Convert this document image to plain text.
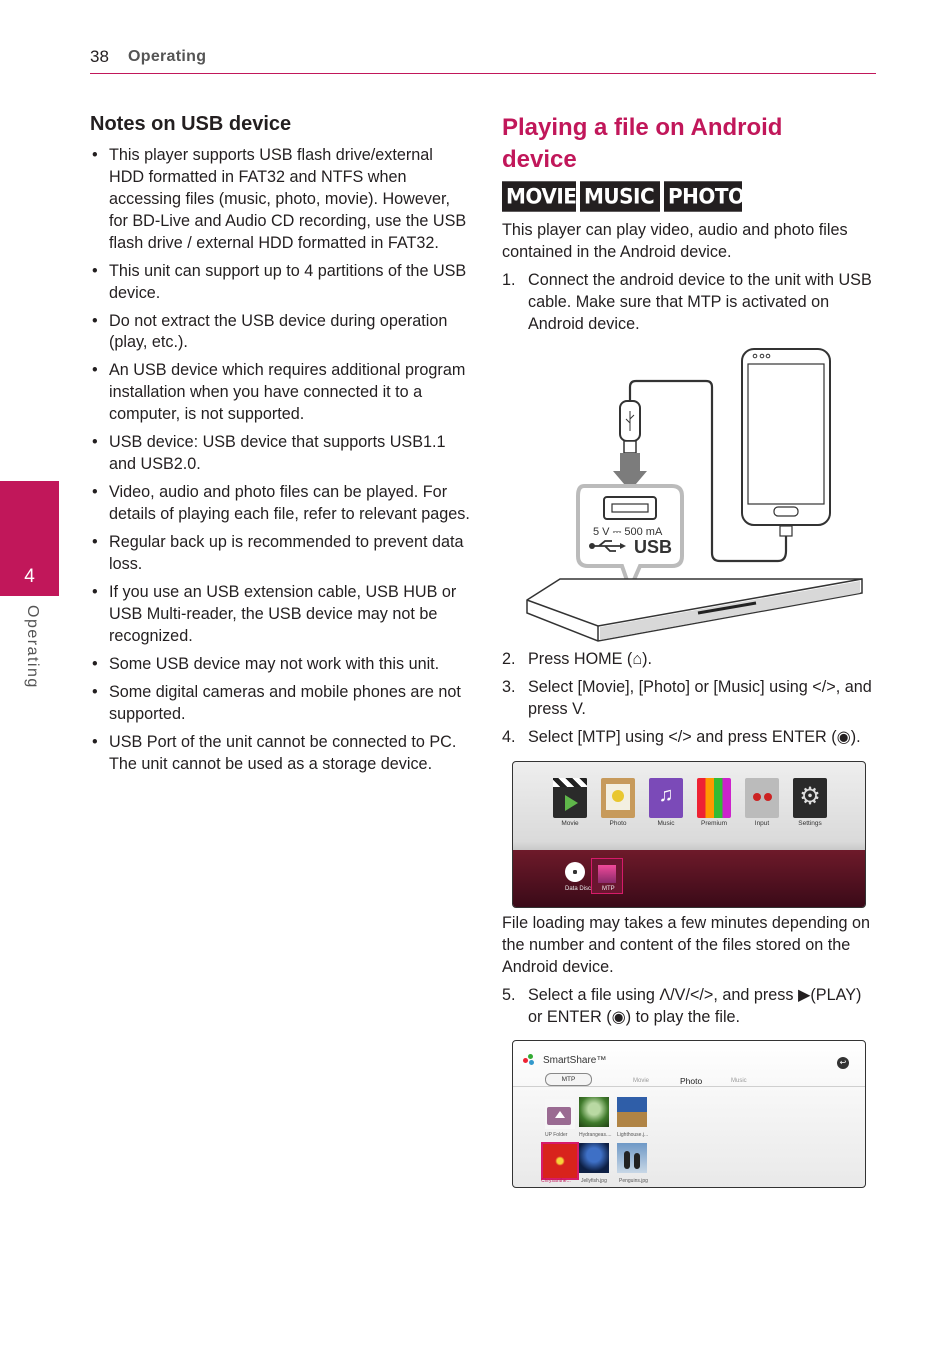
38 Operating
4
Operating
Notes on USB device
• This player supports USB flash drive/external HDD formatted in FAT32 and NTFS when accessing files (music, photo, movie). However, for BD-Live and Audio CD recording, use the USB flash drive / external HDD formatted in FAT32.
• This unit can support up to 4 partitions of the USB device.
• Do not extract the USB device during operation (play, etc.).
• An USB device which requires additional program installation when you have connected it to a computer, is not supported.
• USB device: USB device that supports USB1.1 and USB2.0.
• Video, audio and photo files can be played. For details of playing each file, refer to relevant pages.
• Regular back up is recommended to prevent data loss.
• If you use an USB extension cable, USB HUB or USB Multi-reader, the USB device may not be recognized.
• Some USB device may not work with this unit.
• Some digital cameras and mobile phones are not supported.
• USB Port of the unit cannot be connected to PC. The unit cannot be used as a storage device.
Playing a file on Android device
MOVIE MUSIC PHOTO
This player can play video, audio and photo files contained in the Android device.
1. Connect the android device to the unit with USB cable. Make sure that MTP is activated on Android device.
5 V ⎓ 500 mA
USB
2. Press HOME (⌂).
3. Select [Movie], [Photo] or [Music] using </>, and press V.
4. Select [MTP] using </> and press ENTER (◉).
♫	⚙
Movie	Photo	Music	Premium	Input	Settings
Data Disc MTP
File loading may takes a few minutes depending on the number and content of the files stored on the Android device.
5. Select a file using Λ/V/</>, and press ▶(PLAY) or ENTER (◉) to play the file.
SmartShare™
MTP	Movie	Photo	Music
↩
UP Folder Hydrangeas.... Lighthouse.j...
Chrysanthe... Jellyfish.jpg Penguins.jpg
